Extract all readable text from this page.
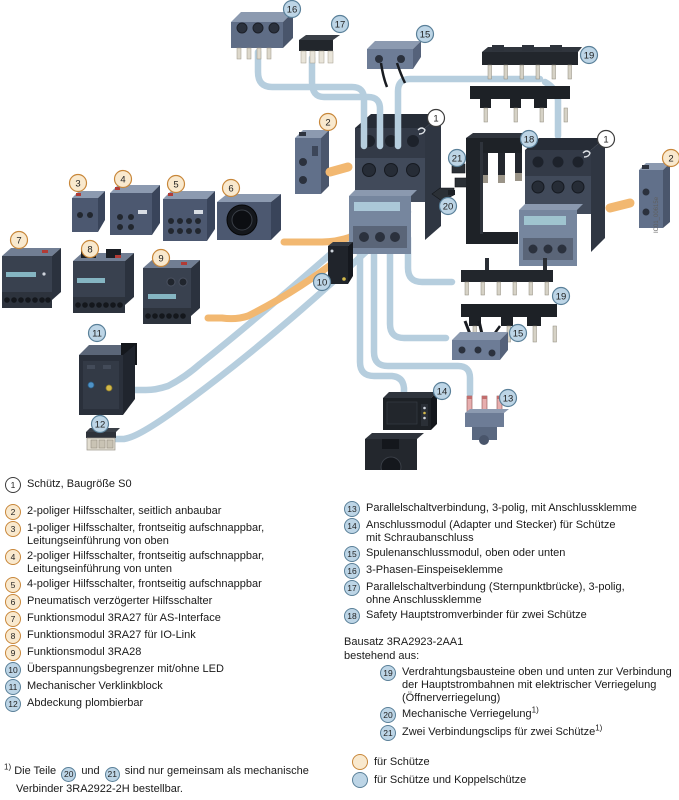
IC01_00615e
16
17
15
19
2	1
18	1
2
21
20
3	4	5	6
7
8
9
10
11
12
19
15
14
13
1	Schütz, Baugröße S0
2	2-poliger Hilfsschalter, seitlich anbaubar
3	1-poliger Hilfsschalter, frontseitig aufschnappbar,
Leitungseinführung von oben
4	2-poliger Hilfsschalter, frontseitig aufschnappbar,
Leitungseinführung von unten
5	4-poliger Hilfsschalter, frontseitig aufschnappbar
6	Pneumatisch verzögerter Hilfsschalter
7	Funktionsmodul 3RA27 für AS-Interface
8	Funktionsmodul 3RA27 für IO-Link
9	Funktionsmodul 3RA28
10 Überspannungsbegrenzer mit/ohne LED
11 Mechanischer Verklinkblock
12 Abdeckung plombierbar
13 Parallelschaltverbindung, 3-polig, mit Anschlussklemme
14 Anschlussmodul (Adapter und Stecker) für Schütze
mit Schraubanschluss
15 Spulenanschlussmodul, oben oder unten
16 3-Phasen-Einspeiseklemme
17 Parallelschaltverbindung (Sternpunktbrücke), 3-polig,
ohne Anschlussklemme
18 Safety Hauptstromverbinder für zwei Schütze
Bausatz 3RA2923-2AA1
bestehend aus:
19 Verdrahtungsbausteine oben und unten zur Verbindung
der Hauptstrombahnen mit elektrischer Verriegelung
(Öffnerverriegelung)
20 Mechanische Verriegelung$^{1)}$
21 Zwei Verbindungsclips für zwei Schütze$^{1)}$
für Schütze
für Schütze und Koppelschütze
$^{1)}$ Die Teile 20 und 21 sind nur gemeinsam als mechanische
Verbinder 3RA2922-2H bestellbar.
